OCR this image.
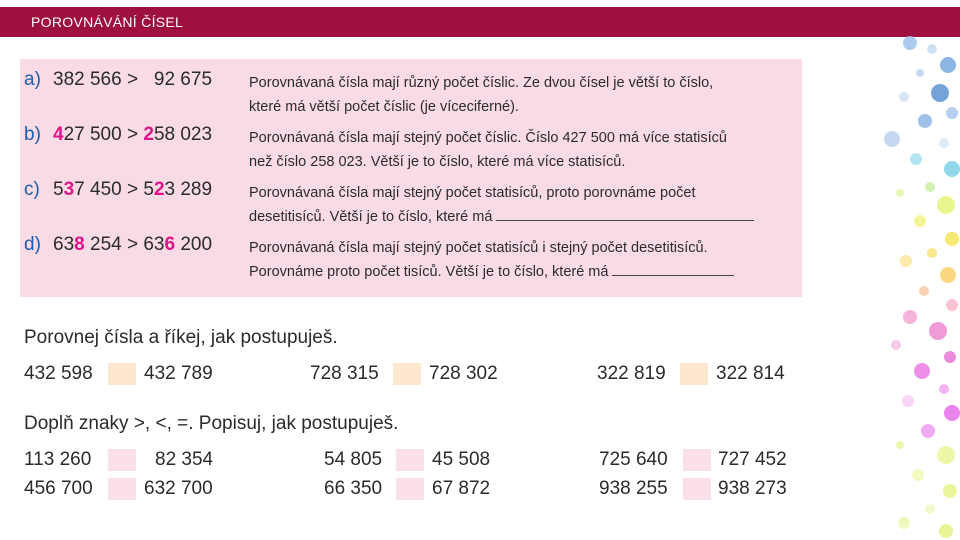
POROVNÁVÁNÍ ČÍSEL
a) 382 566 >   92 675	Porovnávaná čísla mají různý počet číslic. Ze dvou čísel je větší to číslo,
které má větší počet číslic (je víceciferné).
b) 427 500 > 258 023	Porovnávaná čísla mají stejný počet číslic. Číslo 427 500 má více statisíců
než číslo 258 023. Větší je to číslo, které má více statisíců.
c) 537 450 > 523 289	Porovnávaná čísla mají stejný počet statisíců, proto porovnáme počet
desetitisíců. Větší je to číslo, které má
d) 638 254 > 636 200	Porovnávaná čísla mají stejný počet statisíců i stejný počet desetitisíců.
Porovnáme proto počet tisíců. Větší je to číslo, které má
Porovnej čísla a říkej, jak postupuješ.
432 598	432 789	728 315	728 302	322 819	322 814
Doplň znaky >, <, =. Popisuj, jak postupuješ.
113 260	82 354	54 805	45 508	725 640	727 452
456 700	632 700	66 350	67 872	938 255	938 273
